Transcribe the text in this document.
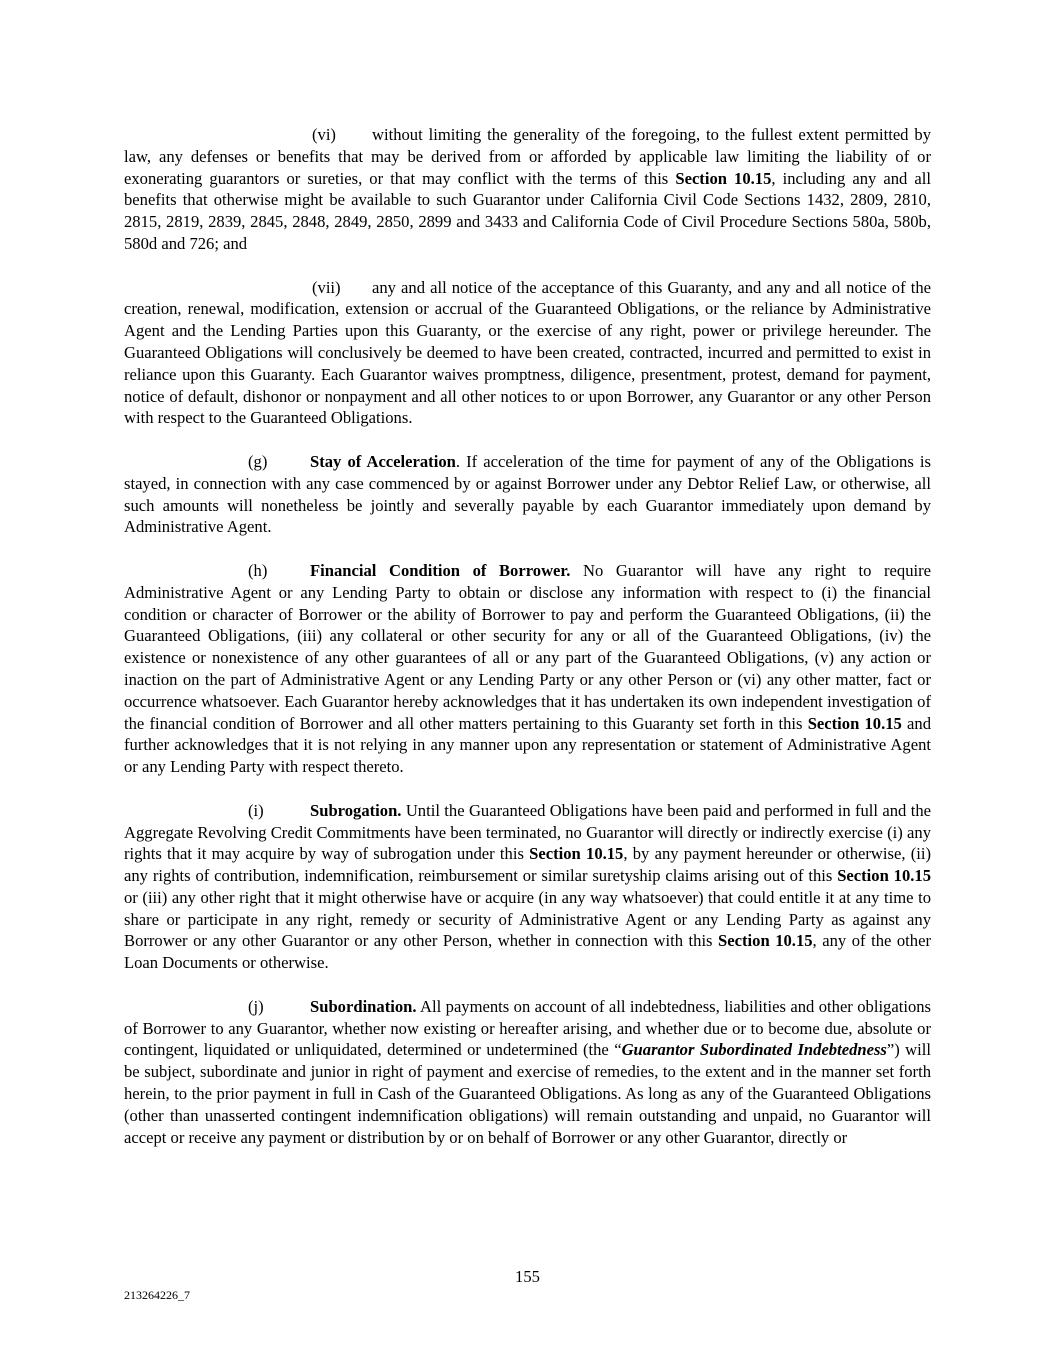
(vi) without limiting the generality of the foregoing, to the fullest extent permitted by law, any defenses or benefits that may be derived from or afforded by applicable law limiting the liability of or exonerating guarantors or sureties, or that may conflict with the terms of this Section 10.15, including any and all benefits that otherwise might be available to such Guarantor under California Civil Code Sections 1432, 2809, 2810, 2815, 2819, 2839, 2845, 2848, 2849, 2850, 2899 and 3433 and California Code of Civil Procedure Sections 580a, 580b, 580d and 726; and

(vii) any and all notice of the acceptance of this Guaranty, and any and all notice of the creation, renewal, modification, extension or accrual of the Guaranteed Obligations, or the reliance by Administrative Agent and the Lending Parties upon this Guaranty, or the exercise of any right, power or privilege hereunder. The Guaranteed Obligations will conclusively be deemed to have been created, contracted, incurred and permitted to exist in reliance upon this Guaranty. Each Guarantor waives promptness, diligence, presentment, protest, demand for payment, notice of default, dishonor or nonpayment and all other notices to or upon Borrower, any Guarantor or any other Person with respect to the Guaranteed Obligations.

(g)	Stay of Acceleration. If acceleration of the time for payment of any of the Obligations is stayed, in connection with any case commenced by or against Borrower under any Debtor Relief Law, or otherwise, all such amounts will nonetheless be jointly and severally payable by each Guarantor immediately upon demand by Administrative Agent.

(h)	Financial Condition of Borrower. No Guarantor will have any right to require Administrative Agent or any Lending Party to obtain or disclose any information with respect to (i) the financial condition or character of Borrower or the ability of Borrower to pay and perform the Guaranteed Obligations, (ii) the Guaranteed Obligations, (iii) any collateral or other security for any or all of the Guaranteed Obligations, (iv) the existence or nonexistence of any other guarantees of all or any part of the Guaranteed Obligations, (v) any action or inaction on the part of Administrative Agent or any Lending Party or any other Person or (vi) any other matter, fact or occurrence whatsoever. Each Guarantor hereby acknowledges that it has undertaken its own independent investigation of the financial condition of Borrower and all other matters pertaining to this Guaranty set forth in this Section 10.15 and further acknowledges that it is not relying in any manner upon any representation or statement of Administrative Agent or any Lending Party with respect thereto.

(i)	Subrogation. Until the Guaranteed Obligations have been paid and performed in full and the Aggregate Revolving Credit Commitments have been terminated, no Guarantor will directly or indirectly exercise (i) any rights that it may acquire by way of subrogation under this Section 10.15, by any payment hereunder or otherwise, (ii) any rights of contribution, indemnification, reimbursement or similar suretyship claims arising out of this Section 10.15 or (iii) any other right that it might otherwise have or acquire (in any way whatsoever) that could entitle it at any time to share or participate in any right, remedy or security of Administrative Agent or any Lending Party as against any Borrower or any other Guarantor or any other Person, whether in connection with this Section 10.15, any of the other Loan Documents or otherwise.

(j)	Subordination. All payments on account of all indebtedness, liabilities and other obligations of Borrower to any Guarantor, whether now existing or hereafter arising, and whether due or to become due, absolute or contingent, liquidated or unliquidated, determined or undetermined (the “Guarantor Subordinated Indebtedness”) will be subject, subordinate and junior in right of payment and exercise of remedies, to the extent and in the manner set forth herein, to the prior payment in full in Cash of the Guaranteed Obligations. As long as any of the Guaranteed Obligations (other than unasserted contingent indemnification obligations) will remain outstanding and unpaid, no Guarantor will accept or receive any payment or distribution by or on behalf of Borrower or any other Guarantor, directly or

155
213264226_7
